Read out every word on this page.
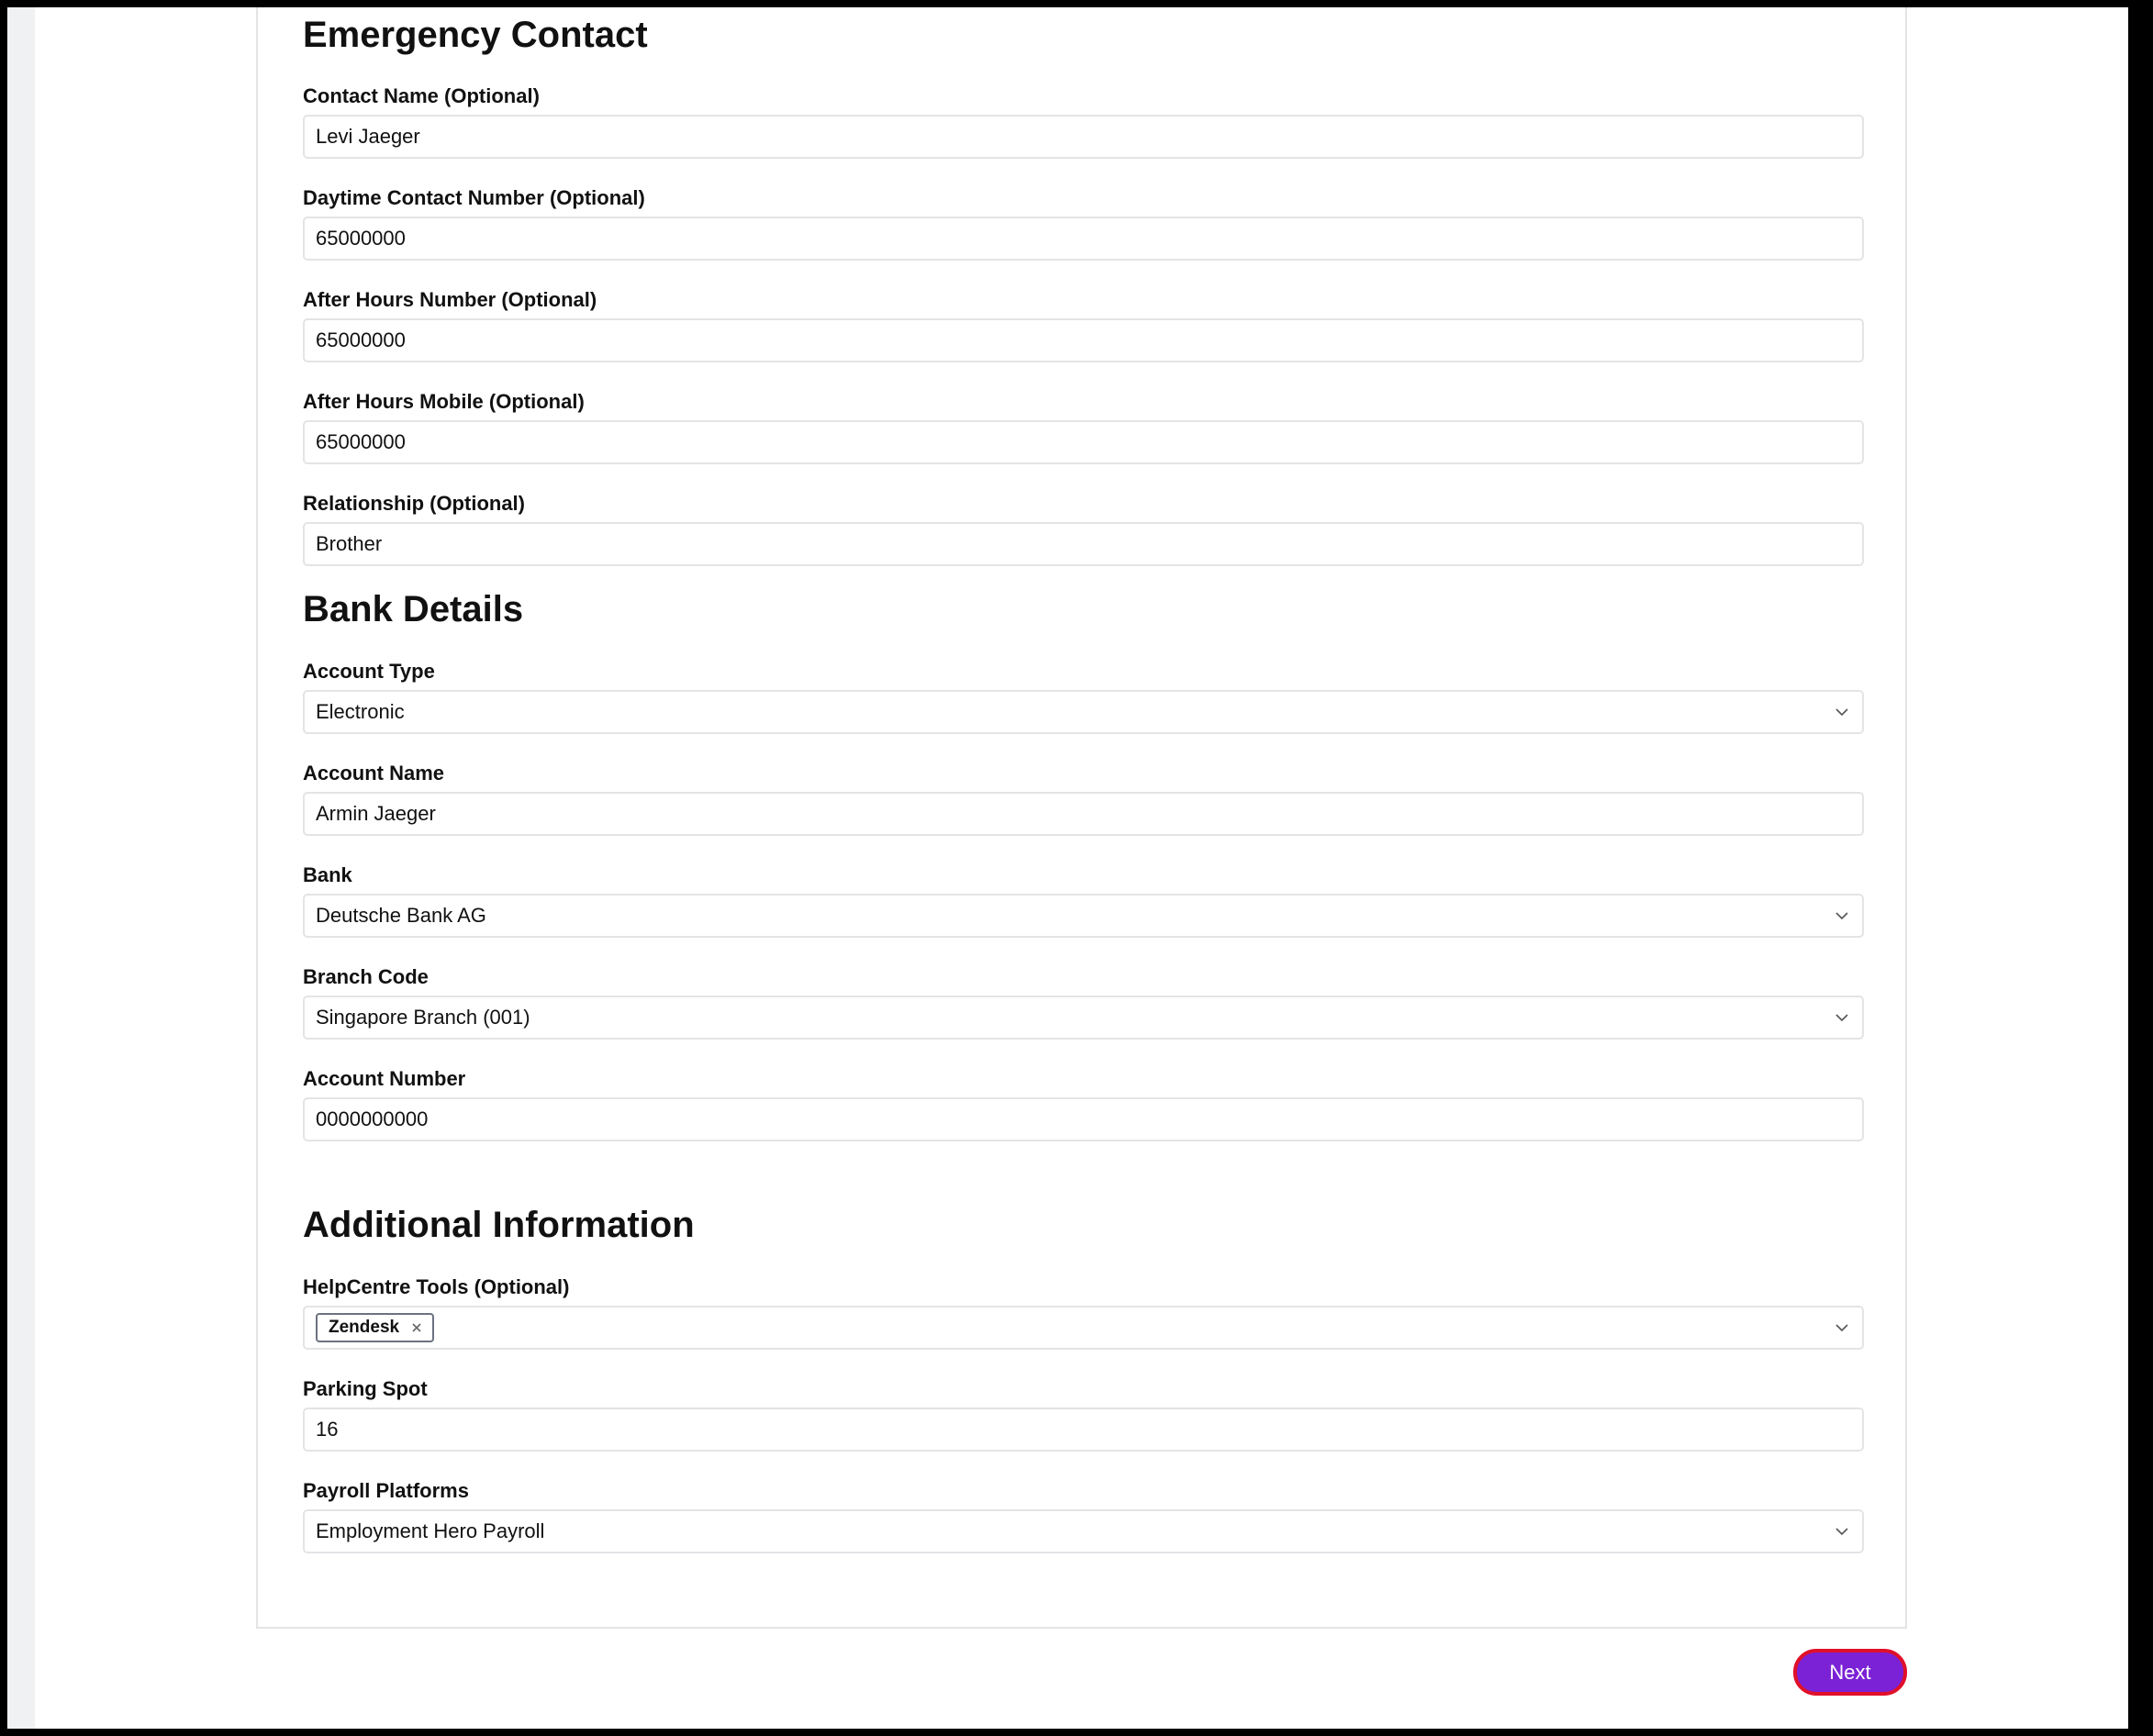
Emergency Contact
Contact Name (Optional)
Levi Jaeger
Daytime Contact Number (Optional)
65000000
After Hours Number (Optional)
65000000
After Hours Mobile (Optional)
65000000
Relationship (Optional)
Brother
Bank Details
Account Type
Electronic
Account Name
Armin Jaeger
Bank
Deutsche Bank AG
Branch Code
Singapore Branch (001)
Account Number
0000000000
Additional Information
HelpCentre Tools (Optional)
Zendesk
Parking Spot
16
Payroll Platforms
Employment Hero Payroll
Next
